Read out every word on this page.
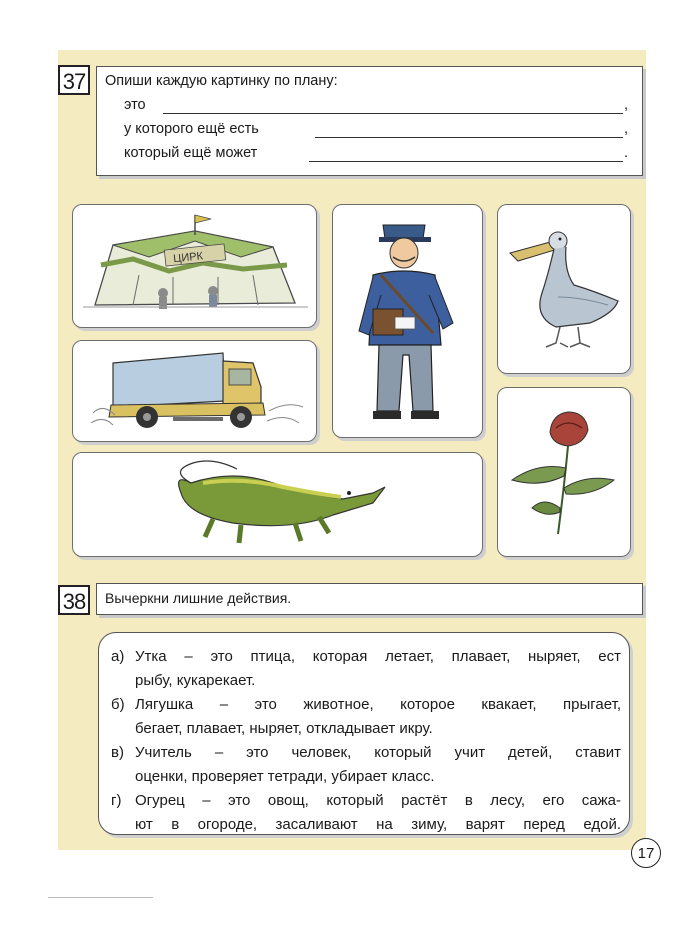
37	Опиши каждую картинку по плану:
это	,
у которого ещё есть	,
который ещё может	.
ЦИРК
38	Вычеркни лишние действия.
а) Утка – это птица, которая летает, плавает, ныряет, ест
рыбу, кукарекает.
б) Лягушка – это животное, которое квакает, прыгает,
бегает, плавает, ныряет, откладывает икру.
в) Учитель – это человек, который учит детей, ставит
оценки, проверяет тетради, убирает класс.
г) Огурец – это овощ, который растёт в лесу, его сажа-
ют в огороде, засаливают на зиму, варят перед едой.
17
